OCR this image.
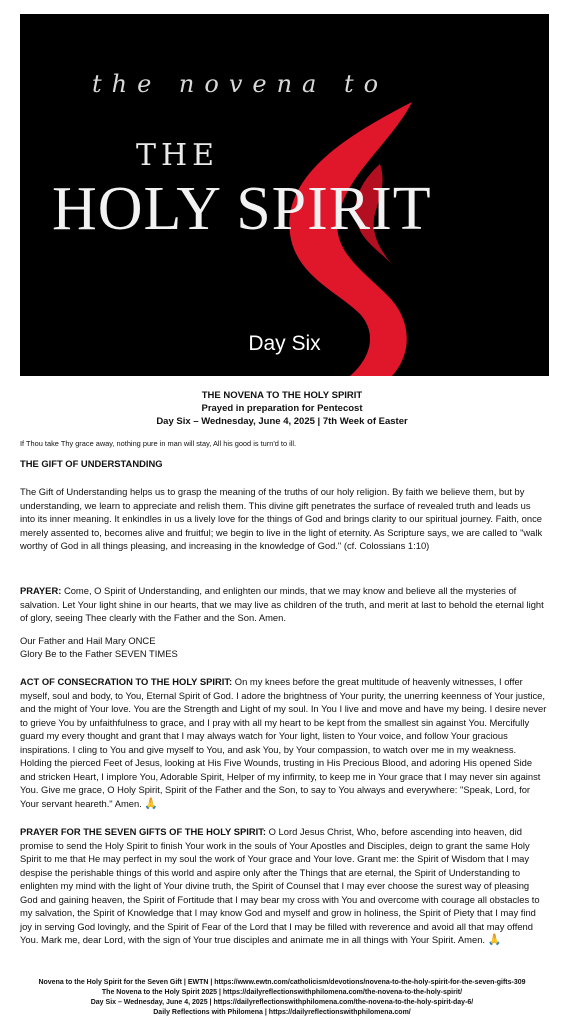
the novena to
THE
HOLY SPIRIT
Day Six
THE NOVENA TO THE HOLY SPIRIT
Prayed in preparation for Pentecost
Day Six – Wednesday, June 4, 2025 | 7th Week of Easter
If Thou take Thy grace away, nothing pure in man will stay, All his good is turn'd to ill.
THE GIFT OF UNDERSTANDING
The Gift of Understanding helps us to grasp the meaning of the truths of our holy religion. By faith we believe them, but by understanding, we learn to appreciate and relish them. This divine gift penetrates the surface of revealed truth and leads us into its inner meaning. It enkindles in us a lively love for the things of God and brings clarity to our spiritual journey. Faith, once merely assented to, becomes alive and fruitful; we begin to live in the light of eternity. As Scripture says, we are called to "walk worthy of God in all things pleasing, and increasing in the knowledge of God." (cf. Colossians 1:10)
PRAYER: Come, O Spirit of Understanding, and enlighten our minds, that we may know and believe all the mysteries of salvation. Let Your light shine in our hearts, that we may live as children of the truth, and merit at last to behold the eternal light of glory, seeing Thee clearly with the Father and the Son. Amen.
Our Father and Hail Mary ONCE
Glory Be to the Father SEVEN TIMES
ACT OF CONSECRATION TO THE HOLY SPIRIT: On my knees before the great multitude of heavenly witnesses, I offer myself, soul and body, to You, Eternal Spirit of God. I adore the brightness of Your purity, the unerring keenness of Your justice, and the might of Your love. You are the Strength and Light of my soul. In You I live and move and have my being. I desire never to grieve You by unfaithfulness to grace, and I pray with all my heart to be kept from the smallest sin against You. Mercifully guard my every thought and grant that I may always watch for Your light, listen to Your voice, and follow Your gracious inspirations. I cling to You and give myself to You, and ask You, by Your compassion, to watch over me in my weakness. Holding the pierced Feet of Jesus, looking at His Five Wounds, trusting in His Precious Blood, and adoring His opened Side and stricken Heart, I implore You, Adorable Spirit, Helper of my infirmity, to keep me in Your grace that I may never sin against You. Give me grace, O Holy Spirit, Spirit of the Father and the Son, to say to You always and everywhere: "Speak, Lord, for Your servant heareth." Amen. 🙏
PRAYER FOR THE SEVEN GIFTS OF THE HOLY SPIRIT: O Lord Jesus Christ, Who, before ascending into heaven, did promise to send the Holy Spirit to finish Your work in the souls of Your Apostles and Disciples, deign to grant the same Holy Spirit to me that He may perfect in my soul the work of Your grace and Your love. Grant me: the Spirit of Wisdom that I may despise the perishable things of this world and aspire only after the Things that are eternal, the Spirit of Understanding to enlighten my mind with the light of Your divine truth, the Spirit of Counsel that I may ever choose the surest way of pleasing God and gaining heaven, the Spirit of Fortitude that I may bear my cross with You and overcome with courage all obstacles to my salvation, the Spirit of Knowledge that I may know God and myself and grow in holiness, the Spirit of Piety that I may find joy in serving God lovingly, and the Spirit of Fear of the Lord that I may be filled with reverence and avoid all that may offend You. Mark me, dear Lord, with the sign of Your true disciples and animate me in all things with Your Spirit. Amen. 🙏
Novena to the Holy Spirit for the Seven Gift | EWTN | https://www.ewtn.com/catholicism/devotions/novena-to-the-holy-spirit-for-the-seven-gifts-309
The Novena to the Holy Spirit 2025 | https://dailyreflectionswithphilomena.com/the-novena-to-the-holy-spirit/
Day Six – Wednesday, June 4, 2025 | https://dailyreflectionswithphilomena.com/the-novena-to-the-holy-spirit-day-6/
Daily Reflections with Philomena | https://dailyreflectionswithphilomena.com/
